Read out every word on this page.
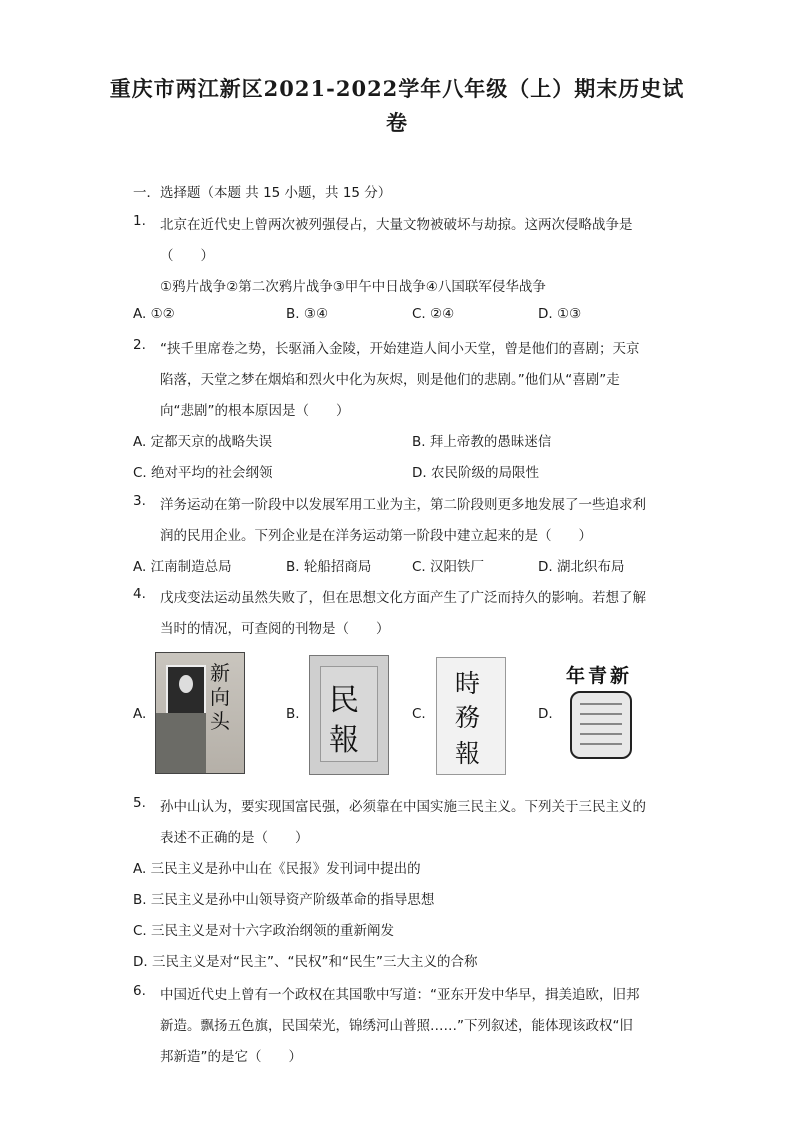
重庆市两江新区2021-2022学年八年级（上）期末历史试
卷
一．选择题（本题 共 15 小题，共 15 分）
1. 北京在近代史上曾两次被列强侵占，大量文物被破坏与劫掠。这两次侵略战争是
（　　）
①鸦片战争②第二次鸦片战争③甲午中日战争④八国联军侵华战争
A. ①②	B. ③④	C. ②④	D. ①③
2. “挟千里席卷之势，长驱涌入金陵，开始建造人间小天堂，曾是他们的喜剧；天京
陷落，天堂之梦在烟焰和烈火中化为灰烬，则是他们的悲剧。”他们从“喜剧”走
向“悲剧”的根本原因是（　　）
A. 定都天京的战略失误	B. 拜上帝教的愚昧迷信
C. 绝对平均的社会纲领	D. 农民阶级的局限性
3. 洋务运动在第一阶段中以发展军用工业为主，第二阶段则更多地发展了一些追求利
润的民用企业。下列企业是在洋务运动第一阶段中建立起来的是（　　）
A. 江南制造总局	B. 轮船招商局	C. 汉阳铁厂	D. 湖北织布局
4. 戊戌变法运动虽然失败了，但在思想文化方面产生了广泛而持久的影响。若想了解
当时的情况，可查阅的刊物是（　　）
A.
新
向
头	B. 民
報
C.
時
務
報
D.
年青新
5. 孙中山认为，要实现国富民强，必须靠在中国实施三民主义。下列关于三民主义的
表述不正确的是（　　）
A. 三民主义是孙中山在《民报》发刊词中提出的
B. 三民主义是孙中山领导资产阶级革命的指导思想
C. 三民主义是对十六字政治纲领的重新阐发
D. 三民主义是对“民主”、“民权”和“民生”三大主义的合称
6. 中国近代史上曾有一个政权在其国歌中写道：“亚东开发中华早，揖美追欧，旧邦
新造。飘扬五色旗，民国荣光，锦绣河山普照……”下列叙述，能体现该政权“旧
邦新造”的是它（　　）
